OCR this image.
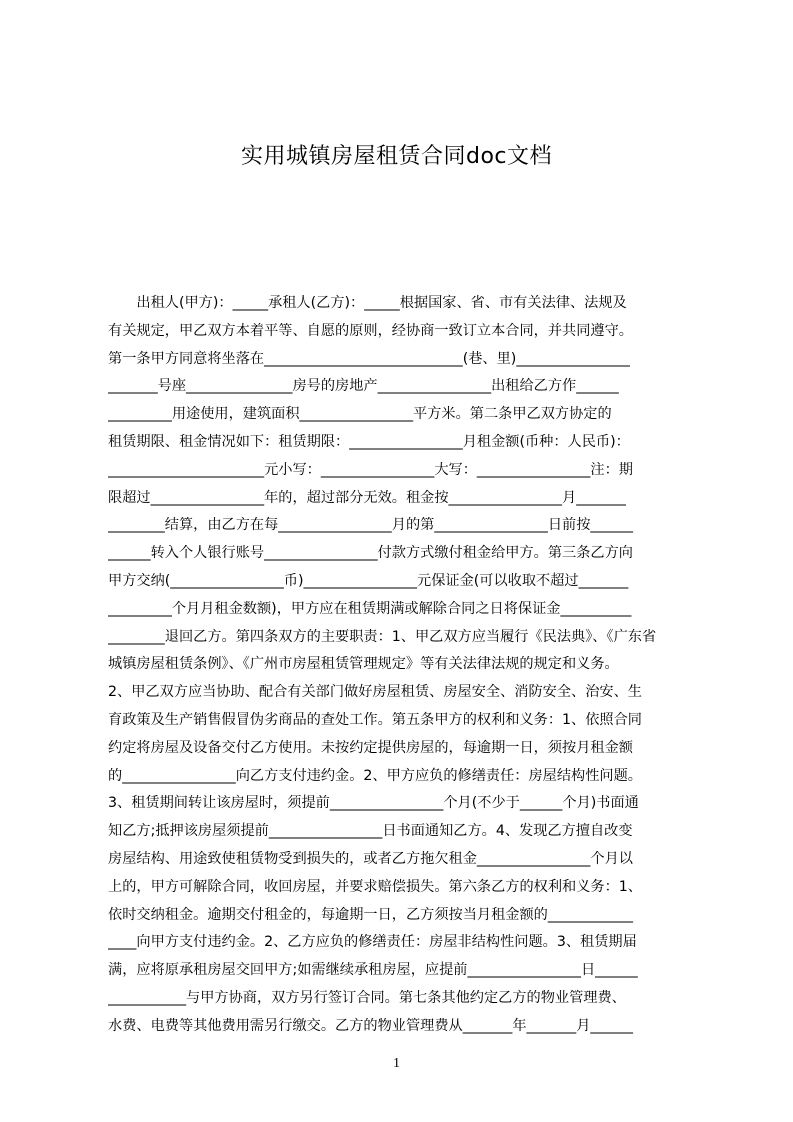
实用城镇房屋租赁合同doc文档
　　出租人(甲方)：_____承租人(乙方)：_____根据国家、省、市有关法律、法规及
有关规定，甲乙双方本着平等、自愿的原则，经协商一致订立本合同，并共同遵守。
第一条甲方同意将坐落在____________________________(巷、里)________________
_______号座_______________房号的房地产________________出租给乙方作______
_________用途使用，建筑面积________________平方米。第二条甲乙双方协定的
租赁期限、租金情况如下：租赁期限：________________月租金额(币种：人民币)：
______________________元小写：________________大写：________________注：期
限超过________________年的，超过部分无效。租金按________________月_______
________结算，由乙方在每________________月的第________________日前按______
______转入个人银行账号________________付款方式缴付租金给甲方。第三条乙方向
甲方交纳(________________币)________________元保证金(可以收取不超过_______
_________个月月租金数额)，甲方应在租赁期满或解除合同之日将保证金__________
________退回乙方。第四条双方的主要职责：1、甲乙双方应当履行《民法典》、《广东省
城镇房屋租赁条例》、《广州市房屋租赁管理规定》等有关法律法规的规定和义务。
2、甲乙双方应当协助、配合有关部门做好房屋租赁、房屋安全、消防安全、治安、生
育政策及生产销售假冒伪劣商品的查处工作。第五条甲方的权利和义务：1、依照合同
约定将房屋及设备交付乙方使用。未按约定提供房屋的，每逾期一日，须按月租金额
的________________向乙方支付违约金。2、甲方应负的修缮责任：房屋结构性问题。
3、租赁期间转让该房屋时，须提前________________个月(不少于______个月)书面通
知乙方;抵押该房屋须提前________________日书面通知乙方。4、发现乙方擅自改变
房屋结构、用途致使租赁物受到损失的，或者乙方拖欠租金________________个月以
上的，甲方可解除合同，收回房屋，并要求赔偿损失。第六条乙方的权利和义务：1、
依时交纳租金。逾期交付租金的，每逾期一日，乙方须按当月租金额的____________
____向甲方支付违约金。2、乙方应负的修缮责任：房屋非结构性问题。3、租赁期届
满，应将原承租房屋交回甲方;如需继续承租房屋，应提前________________日______
___________与甲方协商，双方另行签订合同。第七条其他约定乙方的物业管理费、
水费、电费等其他费用需另行缴交。乙方的物业管理费从_______年_______月______
1
